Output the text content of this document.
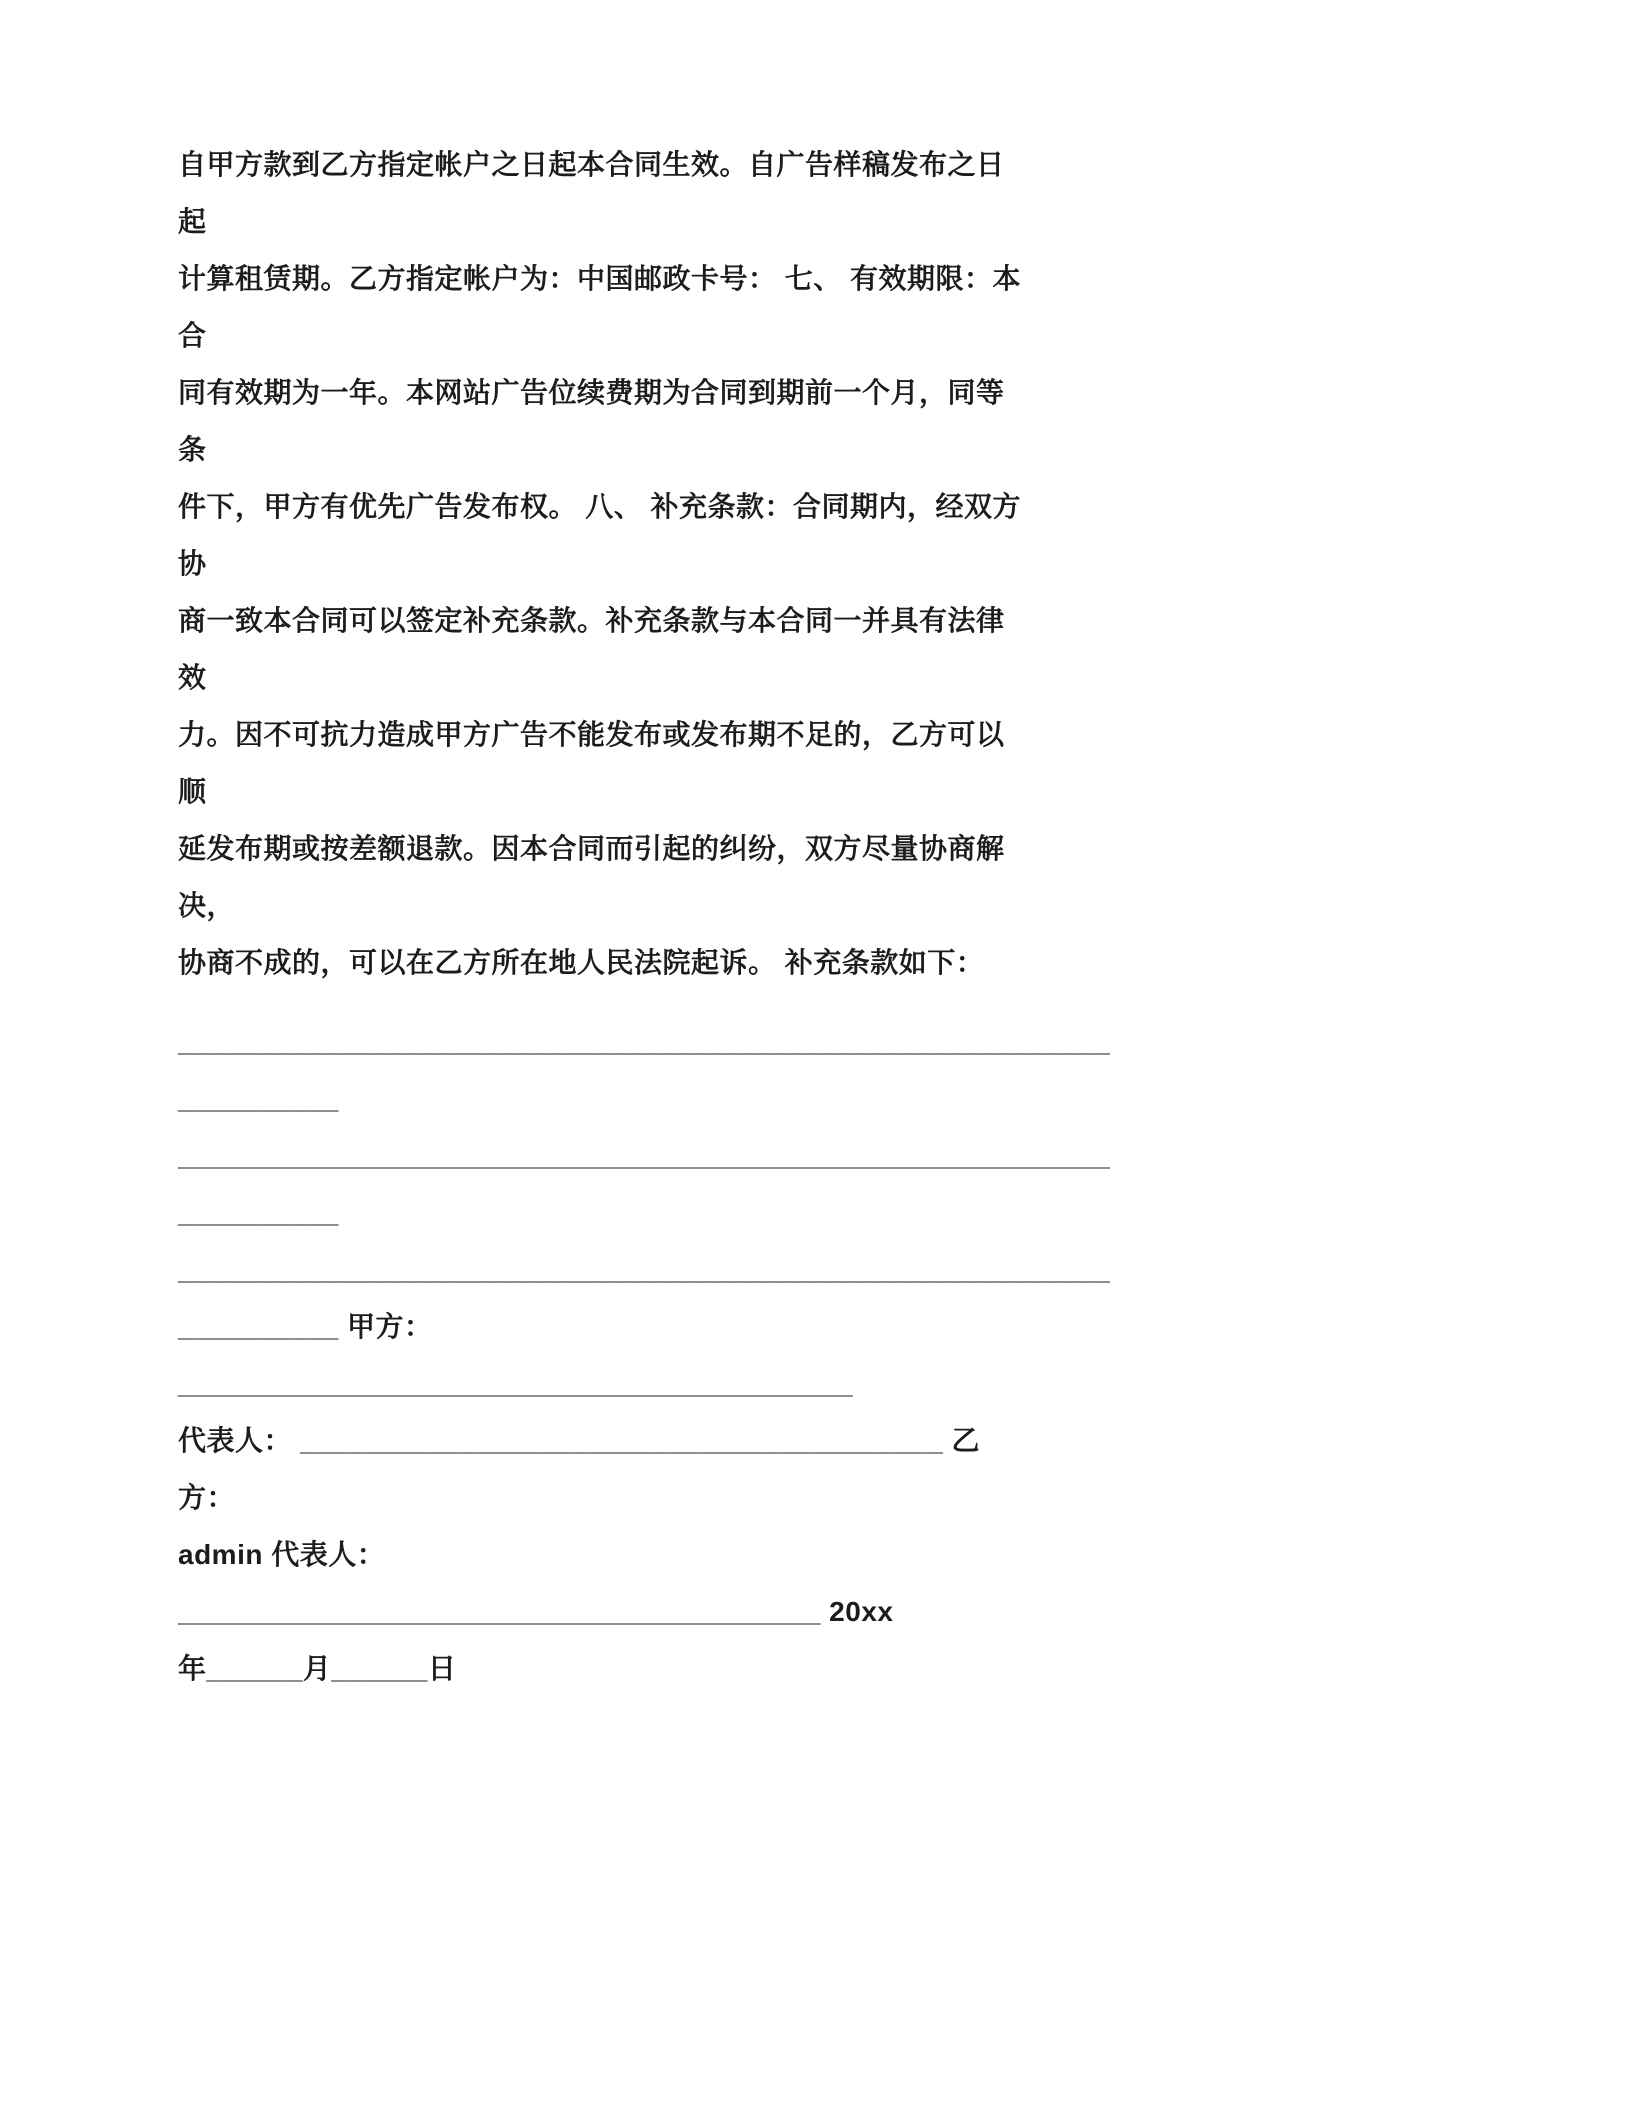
自甲方款到乙方指定帐户之日起本合同生效。自广告样稿发布之日起
计算租赁期。乙方指定帐户为：中国邮政卡号： 七、 有效期限：本合
同有效期为一年。本网站广告位续费期为合同到期前一个月，同等条
件下，甲方有优先广告发布权。 八、 补充条款：合同期内，经双方协
商一致本合同可以签定补充条款。补充条款与本合同一并具有法律效
力。因不可抗力造成甲方广告不能发布或发布期不足的，乙方可以顺
延发布期或按差额退款。因本合同而引起的纠纷，双方尽量协商解决，
协商不成的，可以在乙方所在地人民法院起诉。 补充条款如下：
__________________________________________________________
__________
__________________________________________________________
__________
__________________________________________________________
__________ 甲方： __________________________________________
代表人： ________________________________________ 乙方：
admin 代表人： ________________________________________ 20xx
年______月______日
